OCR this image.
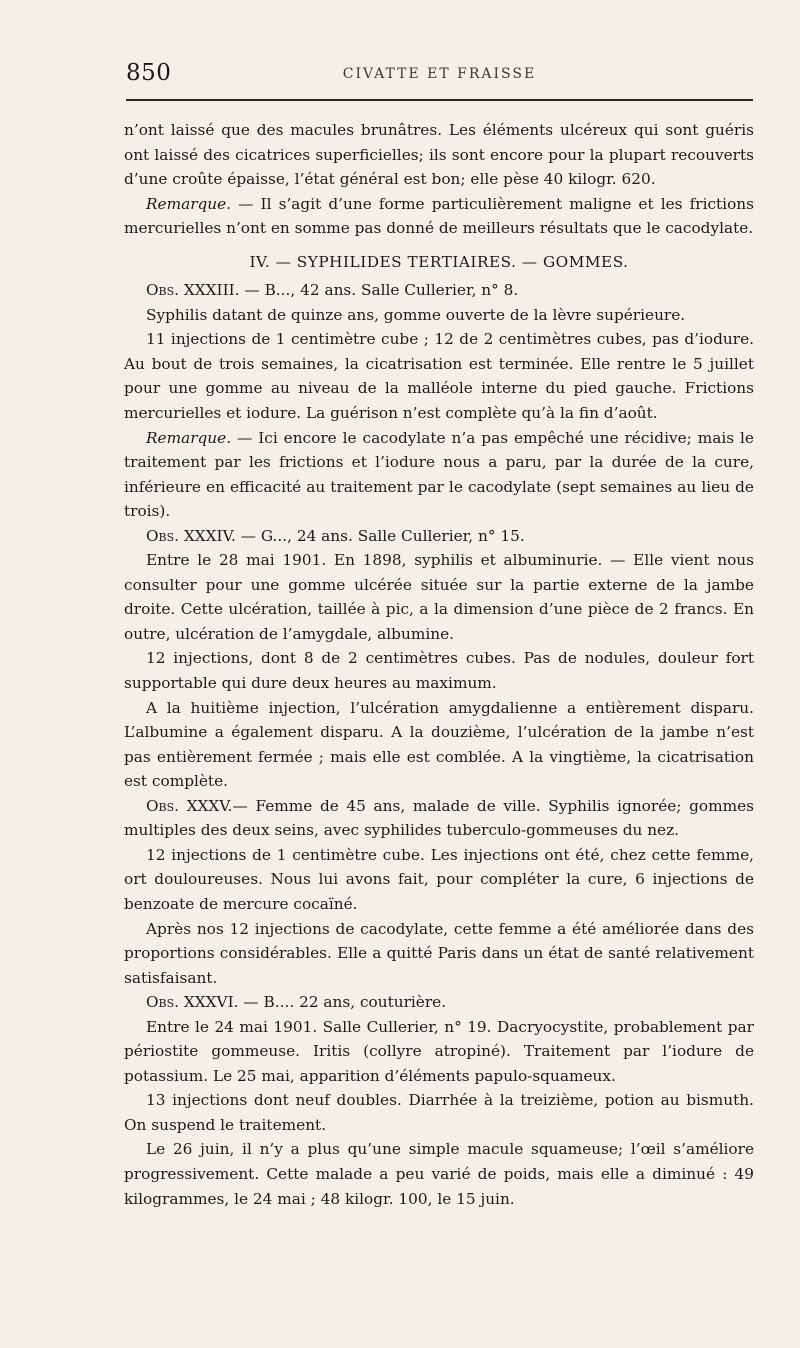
850	CIVATTE ET FRAISSE

n’ont laissé que des macules brunâtres. Les éléments ulcéreux qui sont guéris ont laissé des cicatrices superficielles; ils sont encore pour la plupart recouverts d’une croûte épaisse, l’état général est bon; elle pèse 40 kilogr. 620.

Remarque. — Il s’agit d’une forme particulièrement maligne et les frictions mercurielles n’ont en somme pas donné de meilleurs résultats que le cacodylate.

IV. — SYPHILIDES TERTIAIRES. — GOMMES.

Obs. XXXIII. — B..., 42 ans. Salle Cullerier, n° 8.

Syphilis datant de quinze ans, gomme ouverte de la lèvre supérieure.

11 injections de 1 centimètre cube ; 12 de 2 centimètres cubes, pas d’iodure. Au bout de trois semaines, la cicatrisation est terminée. Elle rentre le 5 juillet pour une gomme au niveau de la malléole interne du pied gauche. Frictions mercurielles et iodure. La guérison n’est complète qu’à la fin d’août.

Remarque. — Ici encore le cacodylate n’a pas empêché une récidive; mais le traitement par les frictions et l’iodure nous a paru, par la durée de la cure, inférieure en efficacité au traitement par le cacodylate (sept semaines au lieu de trois).

Obs. XXXIV. — G..., 24 ans. Salle Cullerier, n° 15.

Entre le 28 mai 1901. En 1898, syphilis et albuminurie. — Elle vient nous consulter pour une gomme ulcérée située sur la partie externe de la jambe droite. Cette ulcération, taillée à pic, a la dimension d’une pièce de 2 francs. En outre, ulcération de l’amygdale, albumine.

12 injections, dont 8 de 2 centimètres cubes. Pas de nodules, douleur fort supportable qui dure deux heures au maximum.

A la huitième injection, l’ulcération amygdalienne a entièrement disparu. L’albumine a également disparu. A la douzième, l’ulcération de la jambe n’est pas entièrement fermée ; mais elle est comblée. A la vingtième, la cicatrisation est complète.

Obs. XXXV.— Femme de 45 ans, malade de ville. Syphilis ignorée; gommes multiples des deux seins, avec syphilides tuberculo-gommeuses du nez.

12 injections de 1 centimètre cube. Les injections ont été, chez cette femme, ort douloureuses. Nous lui avons fait, pour compléter la cure, 6 injections de benzoate de mercure cocaïné.

Après nos 12 injections de cacodylate, cette femme a été améliorée dans des proportions considérables. Elle a quitté Paris dans un état de santé relativement satisfaisant.

Obs. XXXVI. — B.... 22 ans, couturière.

Entre le 24 mai 1901. Salle Cullerier, n° 19. Dacryocystite, probablement par périostite gommeuse. Iritis (collyre atropiné). Traitement par l’iodure de potassium. Le 25 mai, apparition d’éléments papulo-squameux.

13 injections dont neuf doubles. Diarrhée à la treizième, potion au bismuth. On suspend le traitement.

Le 26 juin, il n’y a plus qu’une simple macule squameuse; l’œil s’améliore progressivement. Cette malade a peu varié de poids, mais elle a diminué : 49 kilogrammes, le 24 mai ; 48 kilogr. 100, le 15 juin.
